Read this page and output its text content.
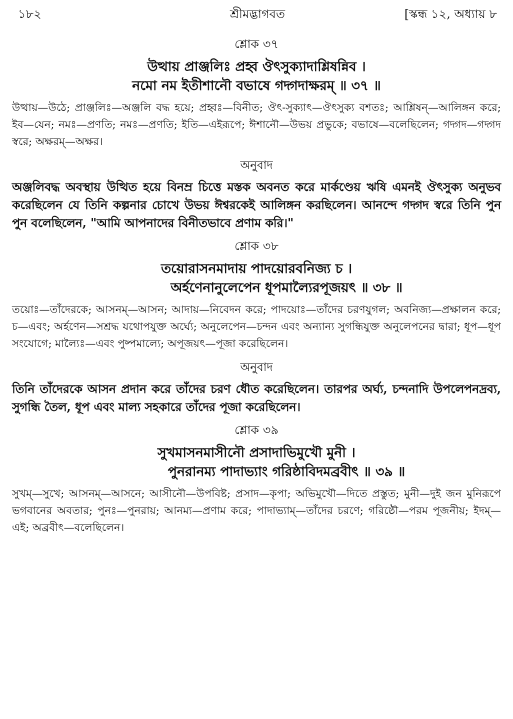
১৮২	শ্রীমদ্ভাগবত	[স্কন্ধ ১২, অধ্যায় ৮
শ্লোক ৩৭
উত্থায় প্রাঞ্জলিঃ প্রহ্ব ঔৎসুক্যাদাশ্লিষন্নিব ।
নমো নম ইতীশানৌ বভাষে গদ্গদাক্ষরম্ ॥ ৩৭ ॥
উত্থায়—উঠে; প্রাঞ্জলিঃ—অঞ্জলি বদ্ধ হয়ে; প্রহ্বঃ—বিনীত; ঔৎ-সুক্যাৎ—ঔৎসুক্য বশতঃ; আশ্লিষন্—আলিঙ্গন করে; ইব—যেন; নমঃ—প্রণতি; নমঃ—প্রণতি; ইতি—এইরূপে; ঈশানৌ—উভয় প্রভুকে; বভাষে—বলেছিলেন; গদ্গদ—গদ্গদ স্বরে; অক্ষরম্—অক্ষর।
অনুবাদ
অঞ্জলিবদ্ধ অবস্থায় উত্থিত হয়ে বিনম্র চিত্তে মস্তক অবনত করে মার্কণ্ডেয় ঋষি এমনই ঔৎসুক্য অনুভব করেছিলেন যে তিনি কল্পনার চোখে উভয় ঈশ্বরকেই আলিঙ্গন করছিলেন। আনন্দে গদ্গদ স্বরে তিনি পুন পুন বলেছিলেন, "আমি আপনাদের বিনীতভাবে প্রণাম করি।"
শ্লোক ৩৮
তয়োরাসনমাদায় পাদয়োরবনিজ্য চ ।
অর্হণেনানুলেপেন ধূপমাল্যৈরপূজয়ৎ ॥ ৩৮ ॥
তয়োঃ—তাঁদেরকে; আসনম্—আসন; আদায়—নিবেদন করে; পাদয়োঃ—তাঁদের চরণযুগল; অবনিজ্য—প্রক্ষালন করে; চ—এবং; অর্হণেন—সশ্রদ্ধ যথোপযুক্ত অর্ঘ্যে; অনুলেপেন—চন্দন এবং অন্যান্য সুগন্ধিযুক্ত অনুলেপনের দ্বারা; ধূপ—ধূপ সংযোগে; মাল্যৈঃ—এবং পুষ্পমাল্যে; অপূজয়ৎ—পূজা করেছিলেন।
অনুবাদ
তিনি তাঁদেরকে আসন প্রদান করে তাঁদের চরণ ধৌত করেছিলেন। তারপর অর্ঘ্য, চন্দনাদি উপলেপনদ্রব্য, সুগন্ধি তৈল, ধূপ এবং মাল্য সহকারে তাঁদের পূজা করেছিলেন।
শ্লোক ৩৯
সুখমাসনমাসীনৌ প্রসাদাভিমুখৌ মুনী ।
পুনরানম্য পাদাভ্যাং গরিষ্ঠাবিদমব্রবীৎ ॥ ৩৯ ॥
সুখম্—সুখে; আসনম্—আসনে; আসীনৌ—উপবিষ্ট; প্রসাদ—কৃপা; অভিমুখৌ—দিতে প্রস্তুত; মুনী—দুই জন মুনিরূপে ভগবানের অবতার; পুনঃ—পুনরায়; আনম্য—প্রণাম করে; পাদাভ্যাম্—তাঁদের চরণে; গরিষ্ঠৌ—পরম পূজনীয়; ইদম্—এই; অব্রবীৎ—বলেছিলেন।
